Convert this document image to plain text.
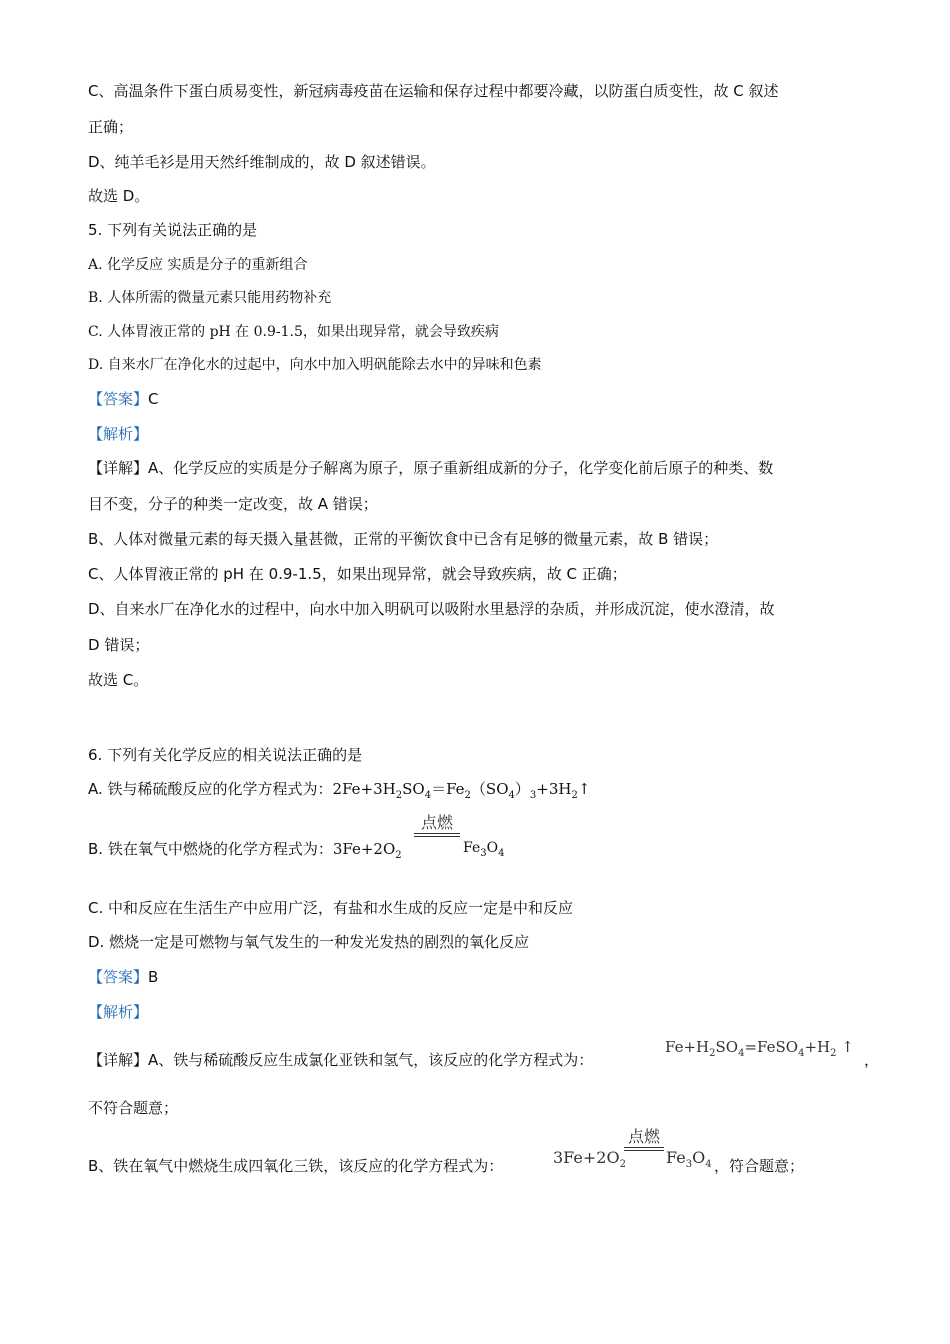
C、高温条件下蛋白质易变性，新冠病毒疫苗在运输和保存过程中都要冷藏，以防蛋白质变性，故 C 叙述
正确；
D、纯羊毛衫是用天然纤维制成的，故 D 叙述错误。
故选 D。
5. 下列有关说法正确的是
A. 化学反应 实质是分子的重新组合
B. 人体所需的微量元素只能用药物补充
C. 人体胃液正常的 pH 在 0.9-1.5，如果出现异常，就会导致疾病
D. 自来水厂在净化水的过起中，向水中加入明矾能除去水中的异味和色素
【答案】C
【解析】
【详解】A、化学反应的实质是分子解离为原子，原子重新组成新的分子，化学变化前后原子的种类、数
目不变，分子的种类一定改变，故 A 错误；
B、人体对微量元素的每天摄入量甚微，正常的平衡饮食中已含有足够的微量元素，故 B 错误；
C、人体胃液正常的 pH 在 0.9-1.5，如果出现异常，就会导致疾病，故 C 正确；
D、自来水厂在净化水的过程中，向水中加入明矾可以吸附水里悬浮的杂质，并形成沉淀，使水澄清，故
D 错误；
故选 C。
6. 下列有关化学反应的相关说法正确的是
A. 铁与稀硫酸反应的化学方程式为：$2Fe+3H_2SO_4=Fe_2(SO_4)_3+3H_2↑$
B. 铁在氧气中燃烧的化学方程式为：$3Fe+2O_2$
点燃
$Fe_3O_4$
C. 中和反应在生活生产中应用广泛，有盐和水生成的反应一定是中和反应
D. 燃烧一定是可燃物与氧气发生的一种发光发热的剧烈的氧化反应
【答案】B
【解析】
【详解】A、铁与稀硫酸反应生成氯化亚铁和氢气，该反应的化学方程式为：
$Fe+H_2SO_4=FeSO_4+H_2$ ↑
，
不符合题意；
B、铁在氧气中燃烧生成四氧化三铁，该反应的化学方程式为：	$3Fe+2O_2$
点燃
$Fe_3O_4$ ，符合题意；
